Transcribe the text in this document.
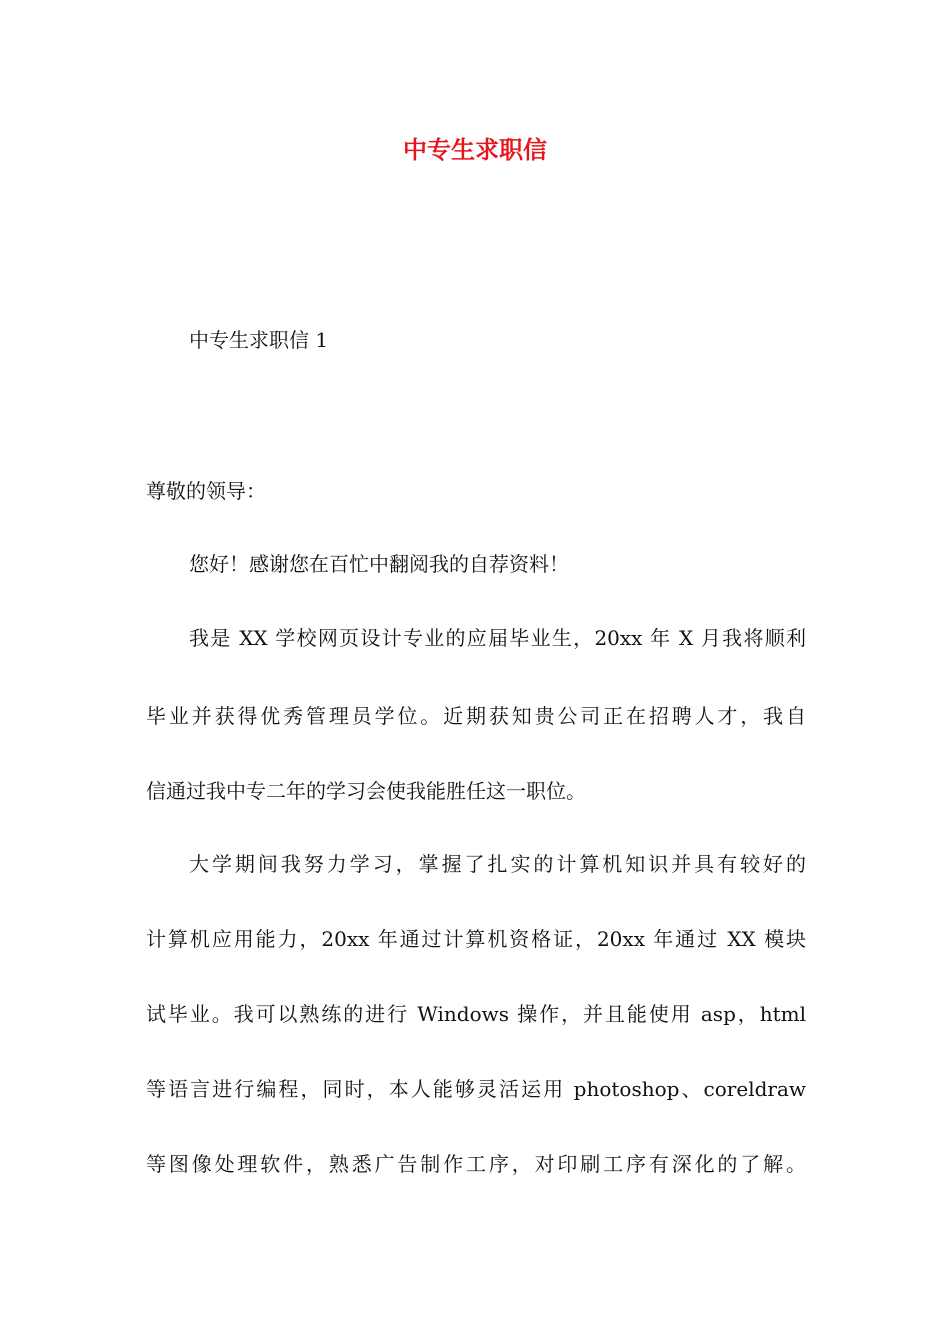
中专生求职信
中专生求职信 1
尊敬的领导：
您好！感谢您在百忙中翻阅我的自荐资料！
我是 XX 学校网页设计专业的应届毕业生，20xx 年 X 月我将顺利
毕业并获得优秀管理员学位。近期获知贵公司正在招聘人才，我自
信通过我中专二年的学习会使我能胜任这一职位。
大学期间我努力学习，掌握了扎实的计算机知识并具有较好的
计算机应用能力，20xx 年通过计算机资格证，20xx 年通过 XX 模块
试毕业。我可以熟练的进行 Windows 操作，并且能使用 asp，html
等语言进行编程，同时，本人能够灵活运用 photoshop、coreldraw
等图像处理软件，熟悉广告制作工序，对印刷工序有深化的了解。
